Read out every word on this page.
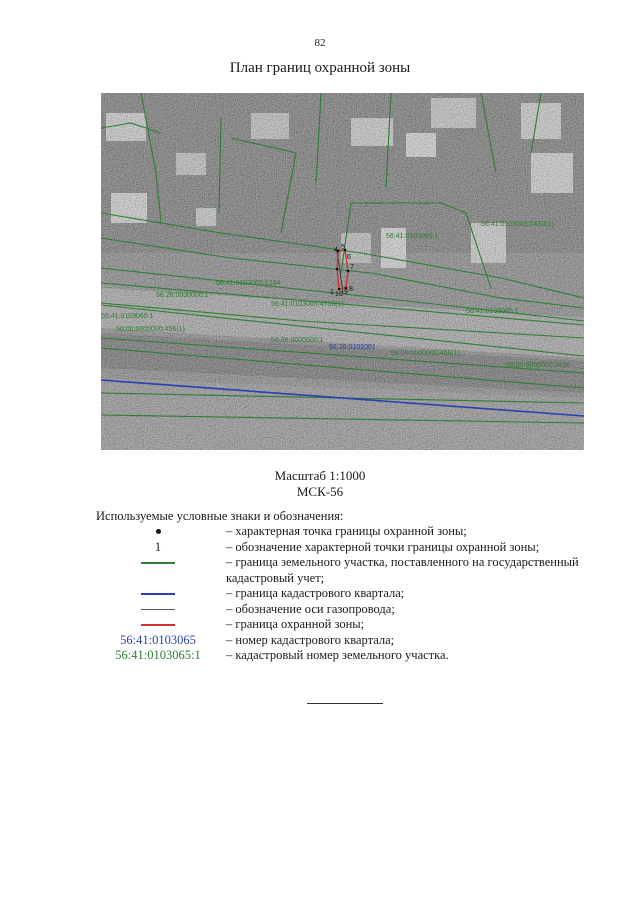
82
План границ охранной зоны
4 5
6
7
8
9
1 10
56:41:0103065:2450(1)
56:41:0103065:1
56:26:0000000:1
56:41:0103065:1234
56:41:0103065:4758(1)
56:41:0103065:1
56:00:0000000:456(1)
56:26:0000000:1
56:00:0000000:456(1)
56:41:0103065:1
56:00:0000000:3456
56:26:0101001
Масштаб 1:1000
МСК-56
Используемые условные знаки и обозначения:
– характерная точка границы охранной зоны;
1	– обозначение характерной точки границы охранной зоны;
– граница земельного участка, поставленного на государственный кадастровый учет;
– граница кадастрового квартала;
– обозначение оси газопровода;
– граница охранной зоны;
56:41:0103065	– номер кадастрового квартала;
56:41:0103065:1	– кадастровый номер земельного участка.
